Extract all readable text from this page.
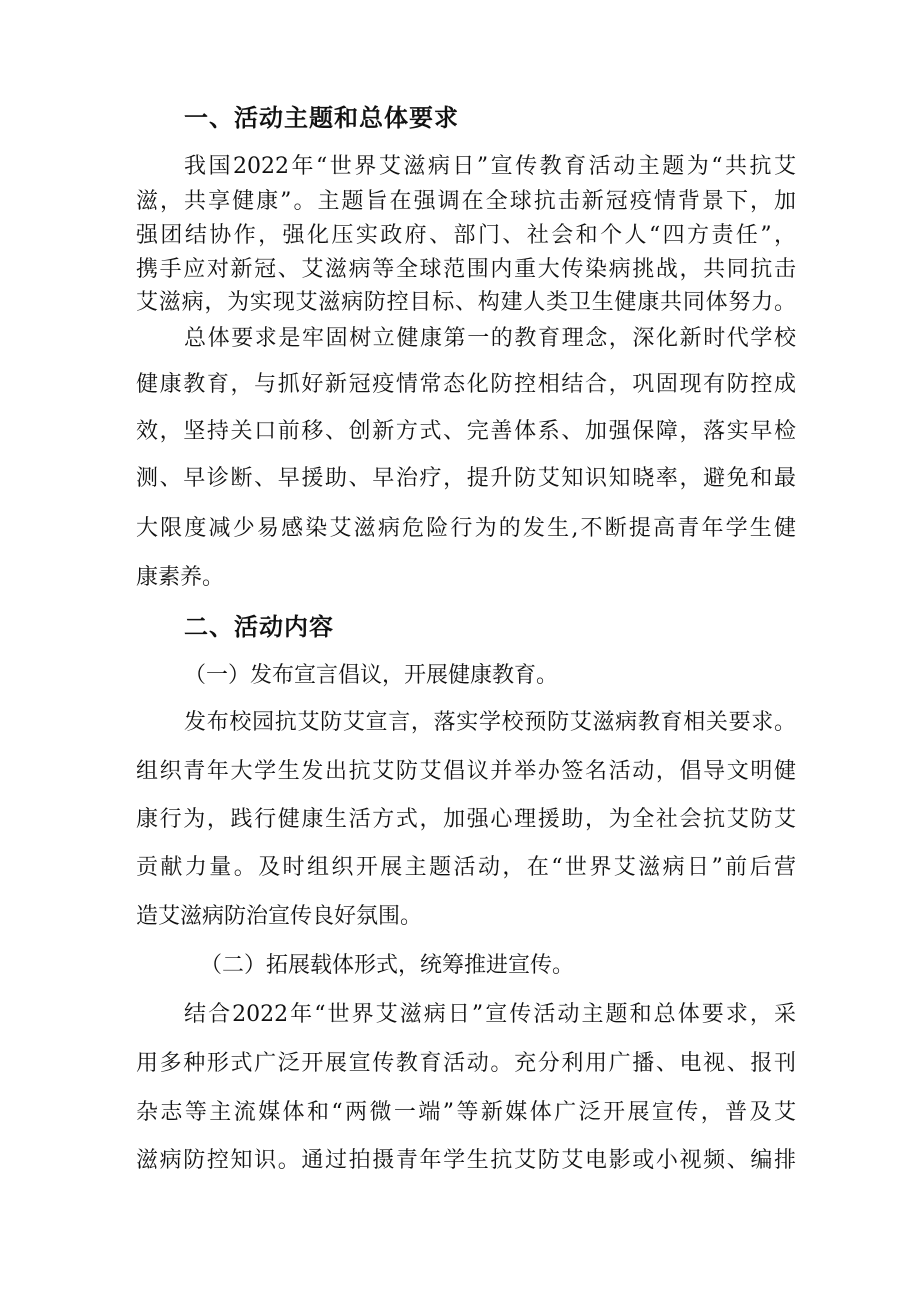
一、活动主题和总体要求
我国2022年“世界艾滋病日”宣传教育活动主题为“共抗艾
滋，共享健康”。主题旨在强调在全球抗击新冠疫情背景下，加
强团结协作，强化压实政府、部门、社会和个人“四方责任”，
携手应对新冠、艾滋病等全球范围内重大传染病挑战，共同抗击
艾滋病，为实现艾滋病防控目标、构建人类卫生健康共同体努力。
总体要求是牢固树立健康第一的教育理念，深化新时代学校
健康教育，与抓好新冠疫情常态化防控相结合，巩固现有防控成
效，坚持关口前移、创新方式、完善体系、加强保障，落实早检
测、早诊断、早援助、早治疗，提升防艾知识知晓率，避免和最
大限度减少易感染艾滋病危险行为的发生,不断提高青年学生健
康素养。
二、活动内容
（一）发布宣言倡议，开展健康教育。
发布校园抗艾防艾宣言，落实学校预防艾滋病教育相关要求。
组织青年大学生发出抗艾防艾倡议并举办签名活动，倡导文明健
康行为，践行健康生活方式，加强心理援助，为全社会抗艾防艾
贡献力量。及时组织开展主题活动，在“世界艾滋病日”前后营
造艾滋病防治宣传良好氛围。
（二）拓展载体形式，统筹推进宣传。
结合2022年“世界艾滋病日”宣传活动主题和总体要求，采
用多种形式广泛开展宣传教育活动。充分利用广播、电视、报刊
杂志等主流媒体和“两微一端”等新媒体广泛开展宣传，普及艾
滋病防控知识。通过拍摄青年学生抗艾防艾电影或小视频、编排
